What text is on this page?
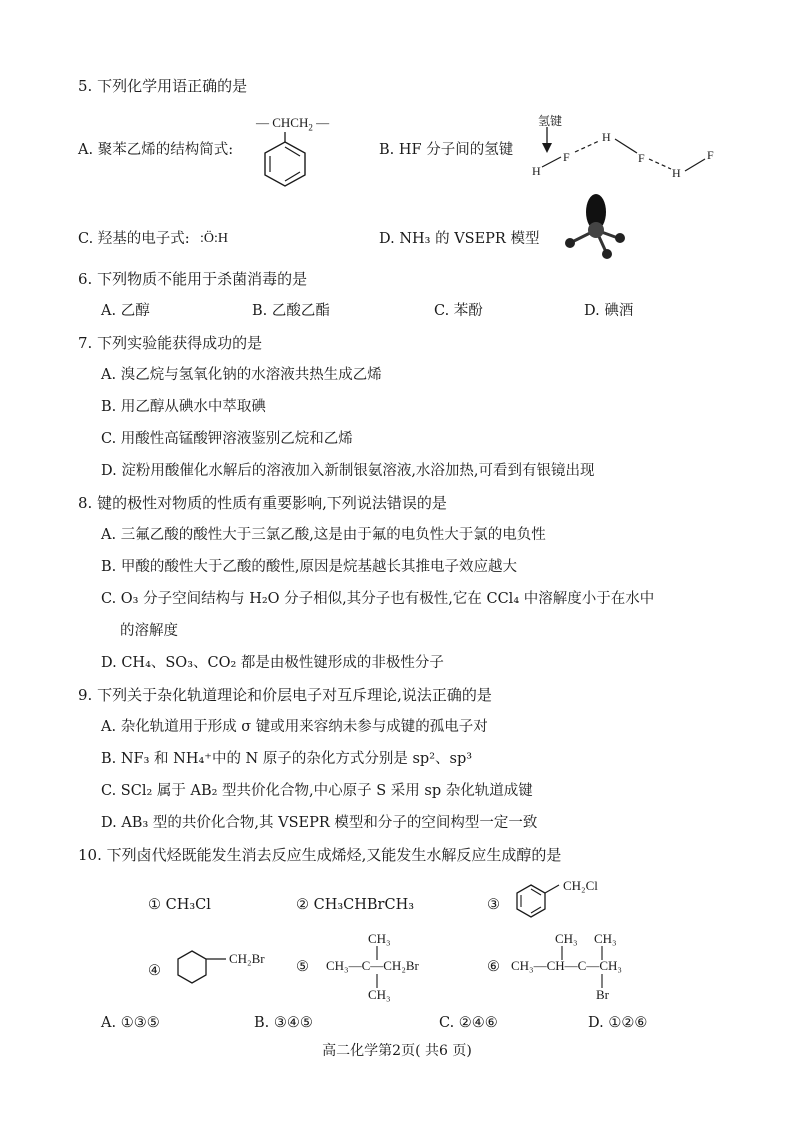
5. 下列化学用语正确的是
A. 聚苯乙烯的结构简式:
— $CHCH_2$ —
B. HF 分子间的氢键
氢键
H
F
H
F
H
F
C. 羟基的电子式: :Ö:H	D. NH₃ 的 VSEPR 模型
6. 下列物质不能用于杀菌消毒的是
A. 乙醇	B. 乙酸乙酯	C. 苯酚	D. 碘酒
7. 下列实验能获得成功的是
A. 溴乙烷与氢氧化钠的水溶液共热生成乙烯
B. 用乙醇从碘水中萃取碘
C. 用酸性高锰酸钾溶液鉴别乙烷和乙烯
D. 淀粉用酸催化水解后的溶液加入新制银氨溶液,水浴加热,可看到有银镜出现
8. 键的极性对物质的性质有重要影响,下列说法错误的是
A. 三氟乙酸的酸性大于三氯乙酸,这是由于氟的电负性大于氯的电负性
B. 甲酸的酸性大于乙酸的酸性,原因是烷基越长其推电子效应越大
C. O₃ 分子空间结构与 H₂O 分子相似,其分子也有极性,它在 CCl₄ 中溶解度小于在水中
的溶解度
D. CH₄、SO₃、CO₂ 都是由极性键形成的非极性分子
9. 下列关于杂化轨道理论和价层电子对互斥理论,说法正确的是
A. 杂化轨道用于形成 σ 键或用来容纳未参与成键的孤电子对
B. NF₃ 和 NH₄⁺中的 N 原子的杂化方式分别是 sp²、sp³
C. SCl₂ 属于 AB₂ 型共价化合物,中心原子 S 采用 sp 杂化轨道成键
D. AB₃ 型的共价化合物,其 VSEPR 模型和分子的空间构型一定一致
10. 下列卤代烃既能发生消去反应生成烯烃,又能发生水解反应生成醇的是
① CH₃Cl	② CH₃CHBrCH₃	③
CH₂Cl
④
CH₂Br
⑤
CH₃
CH₃—C—CH₂Br
CH₃
⑥
CH₃ CH₃
CH₃—CH—C—CH₃
Br
A. ①③⑤	B. ③④⑤	C. ②④⑥	D. ①②⑥
高二化学第2页( 共6 页)
